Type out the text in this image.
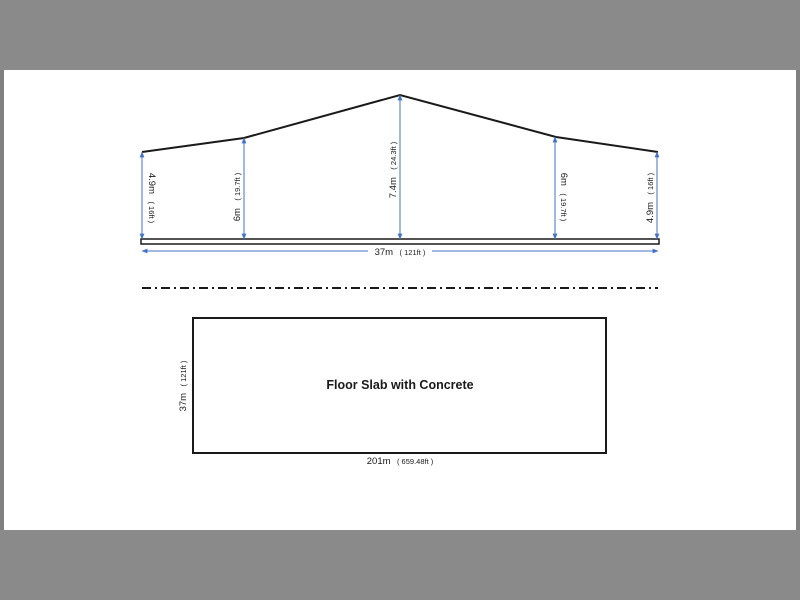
4.9m ( 16ft )	6m ( 19.7ft )	7.4m ( 24.3ft )
6m ( 19.7ft )	4.9m ( 16ft )
37m ( 121ft )
Floor Slab with Concrete
37m ( 121ft )
201m ( 659.48ft )
